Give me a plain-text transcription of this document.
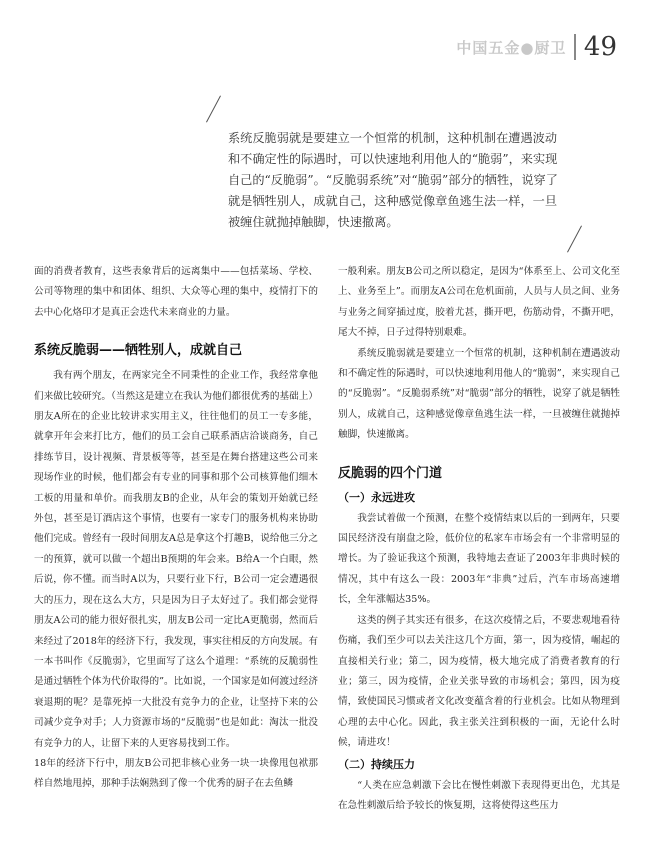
中国五金●厨卫 49
系统反脆弱就是要建立一个恒常的机制，这种机制在遭遇波动和不确定性的际遇时，可以快速地利用他人的“脆弱”，来实现自己的“反脆弱”。“反脆弱系统”对“脆弱”部分的牺牲，说穿了就是牺牲别人，成就自己，这种感觉像章鱼逃生法一样，一旦被缠住就抛掉触脚，快速撤离。

面的消费者教育，这些表象背后的远离集中——包括菜场、学校、公司等物理的集中和团体、组织、大众等心理的集中，疫情打下的去中心化烙印才是真正会迭代未来商业的力量。

系统反脆弱——牺牲别人，成就自己

我有两个朋友，在两家完全不同秉性的企业工作，我经常拿他们来做比较研究。（当然这是建立在我认为他们都很优秀的基础上）朋友A所在的企业比较讲求实用主义，往往他们的员工一专多能，就拿开年会来打比方，他们的员工会自己联系酒店洽谈商务，自己排练节目，设计视频、背景板等等，甚至是在舞台搭建这些公司来现场作业的时候，他们都会有专业的同事和那个公司核算他们细木工板的用量和单价。而我朋友B的企业，从年会的策划开始就已经外包，甚至是订酒店这个事情，也要有一家专门的服务机构来协助他们完成。曾经有一段时间朋友A总是拿这个打趣B，说给他三分之一的预算，就可以做一个超出B预期的年会来。B给A一个白眼，然后说，你不懂。而当时A以为，只要行业下行，B公司一定会遭遇很大的压力，现在这么大方，只是因为日子太好过了。我们都会觉得朋友A公司的能力很好很扎实，朋友B公司一定比A更脆弱，然而后来经过了2018年的经济下行，我发现，事实往相反的方向发展。有一本书叫作《反脆弱》，它里面写了这么个道理：“系统的反脆弱性是通过牺牲个体为代价取得的”。比如说，一个国家是如何渡过经济衰退期的呢？是靠死掉一大批没有竞争力的企业，让坚持下来的公司减少竞争对手；人力资源市场的“反脆弱”也是如此：淘汰一批没有竞争力的人，让留下来的人更容易找到工作。

18年的经济下行中，朋友B公司把非核心业务一块一块像甩包袱那样自然地甩掉，那种手法娴熟到了像一个优秀的厨子在去鱼鳞

一般利索。朋友B公司之所以稳定，是因为“体系至上、公司文化至上、业务至上”。而朋友A公司在危机面前，人员与人员之间、业务与业务之间穿插过度，胶着尤甚，撕开吧，伤筋动骨，不撕开吧，尾大不掉，日子过得特别艰难。

系统反脆弱就是要建立一个恒常的机制，这种机制在遭遇波动和不确定性的际遇时，可以快速地利用他人的“脆弱”，来实现自己的“反脆弱”。“反脆弱系统”对“脆弱”部分的牺牲，说穿了就是牺牲别人，成就自己，这种感觉像章鱼逃生法一样，一旦被缠住就抛掉触脚，快速撤离。

反脆弱的四个门道
（一）永远进攻

我尝试着做一个预测，在整个疫情结束以后的一到两年，只要国民经济没有崩盘之险，低价位的私家车市场会有一个非常明显的增长。为了验证我这个预测，我特地去查证了2003年非典时候的情况，其中有这么一段：2003年“非典”过后，汽车市场高速增长，全年涨幅达35%。

这类的例子其实还有很多，在这次疫情之后，不要悲观地看待伤痛，我们至少可以去关注这几个方面，第一，因为疫情，崛起的直接相关行业；第二，因为疫情，极大地完成了消费者教育的行业；第三，因为疫情，企业关张导致的市场机会；第四，因为疫情，致使国民习惯或者文化改变蕴含着的行业机会。比如从物理到心理的去中心化。因此，我主张关注到积极的一面，无论什么时候，请进攻！

（二）持续压力

“人类在应急刺激下会比在慢性刺激下表现得更出色，尤其是在急性刺激后给予较长的恢复期，这将使得这些压力
